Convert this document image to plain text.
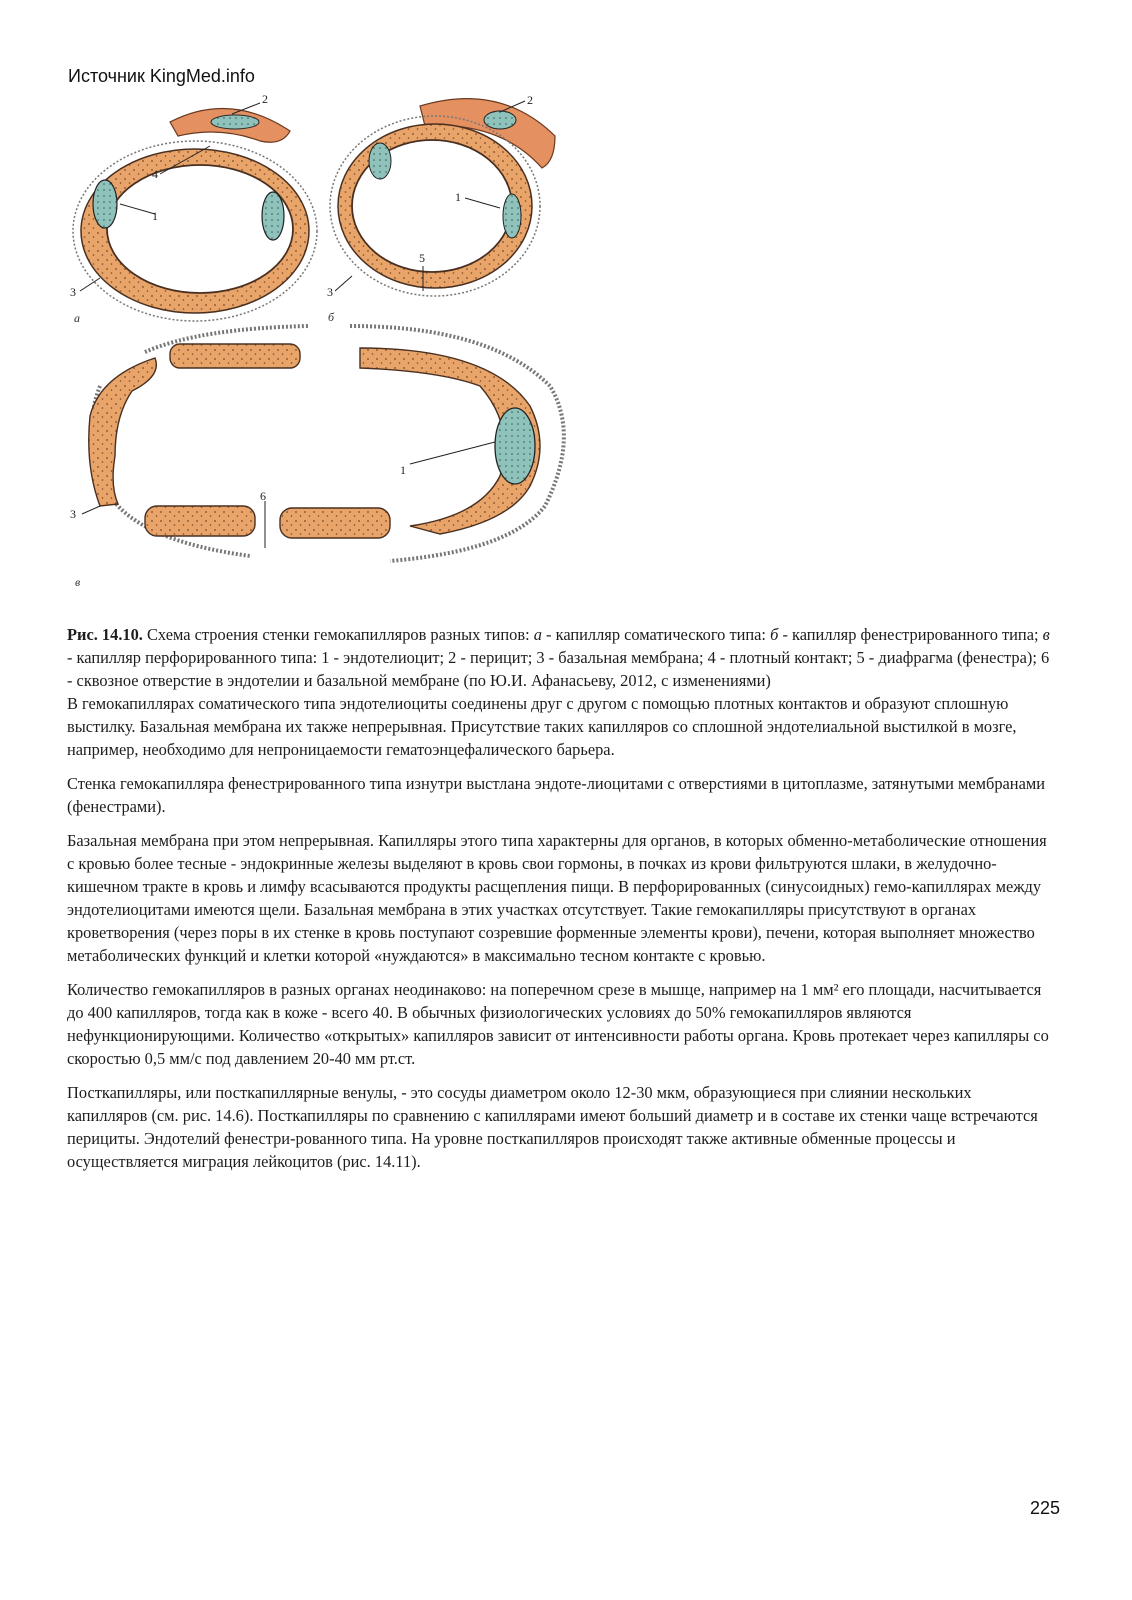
Источник KingMed.info
1
4
2
3
а
1
2
3
5
б
1
3
6
в
Рис. 14.10. Схема строения стенки гемокапилляров разных типов: а - капилляр соматического типа: б - капилляр фенестрированного типа; в - капилляр перфорированного типа: 1 - эндотелиоцит; 2 - перицит; 3 - базальная мембрана; 4 - плотный контакт; 5 - диафрагма (фенестра); 6 - сквозное отверстие в эндотелии и базальной мембране (по Ю.И. Афанасьеву, 2012, с изменениями)

В гемокапиллярах соматического типа эндотелиоциты соединены друг с другом с помощью плотных контактов и образуют сплошную выстилку. Базальная мембрана их также непрерывная. Присутствие таких капилляров со сплошной эндотелиальной выстилкой в мозге, например, необходимо для непроницаемости гематоэнцефалического барьера.

Стенка гемокапилляра фенестрированного типа изнутри выстлана эндоте-лиоцитами с отверстиями в цитоплазме, затянутыми мембранами (фенестрами).

Базальная мембрана при этом непрерывная. Капилляры этого типа характерны для органов, в которых обменно-метаболические отношения с кровью более тесные - эндокринные железы выделяют в кровь свои гормоны, в почках из крови фильтруются шлаки, в желудочно-кишечном тракте в кровь и лимфу всасываются продукты расщепления пищи. В перфорированных (синусоидных) гемо-капиллярах между эндотелиоцитами имеются щели. Базальная мембрана в этих участках отсутствует. Такие гемокапилляры присутствуют в органах кроветворения (через поры в их стенке в кровь поступают созревшие форменные элементы крови), печени, которая выполняет множество метаболических функций и клетки которой «нуждаются» в максимально тесном контакте с кровью.

Количество гемокапилляров в разных органах неодинаково: на поперечном срезе в мышце, например на 1 мм² его площади, насчитывается до 400 капилляров, тогда как в коже - всего 40. В обычных физиологических условиях до 50% гемокапилляров являются нефункционирующими. Количество «открытых» капилляров зависит от интенсивности работы органа. Кровь протекает через капилляры со скоростью 0,5 мм/с под давлением 20-40 мм рт.ст.

Посткапилляры, или посткапиллярные венулы, - это сосуды диаметром около 12-30 мкм, образующиеся при слиянии нескольких капилляров (см. рис. 14.6). Посткапилляры по сравнению с капиллярами имеют больший диаметр и в составе их стенки чаще встречаются перициты. Эндотелий фенестри-рованного типа. На уровне посткапилляров происходят также активные обменные процессы и осуществляется миграция лейкоцитов (рис. 14.11).

225
